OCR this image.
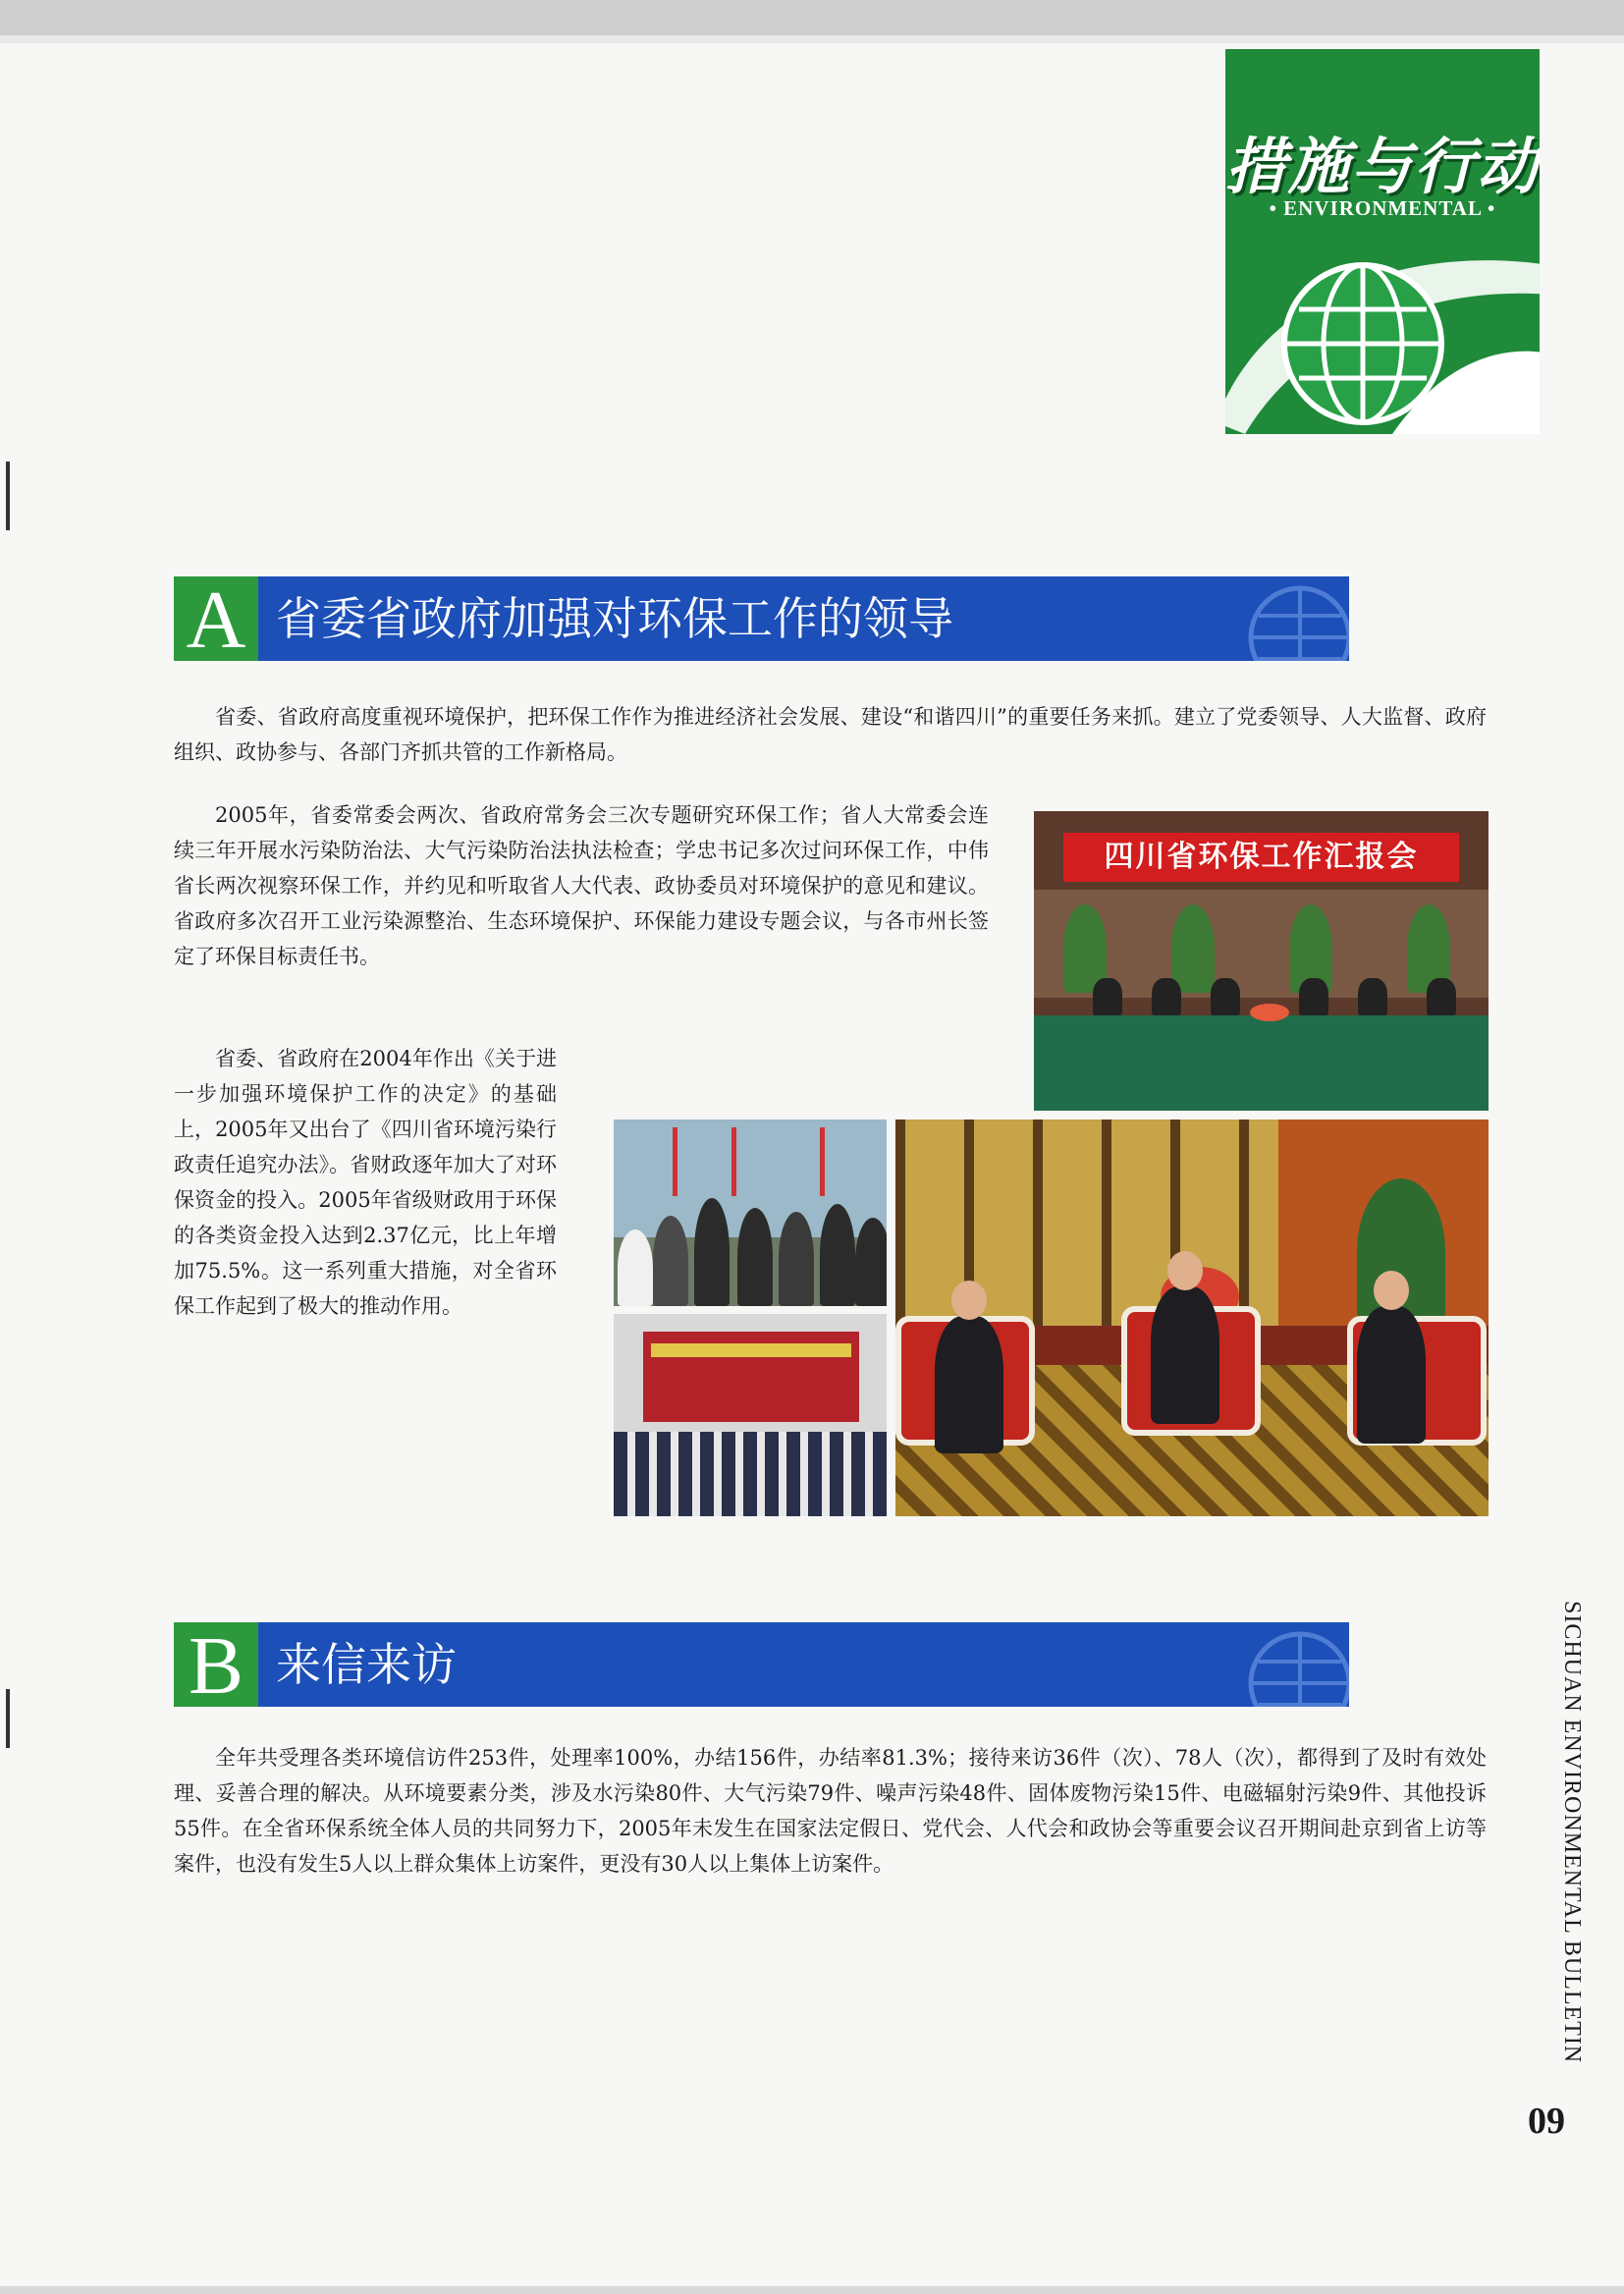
措施与行动
• ENVIRONMENTAL •
A 省委省政府加强对环保工作的领导

省委、省政府高度重视环境保护，把环保工作作为推进经济社会发展、建设“和谐四川”的重要任务来抓。建立了党委领导、人大监督、政府组织、政协参与、各部门齐抓共管的工作新格局。

2005年，省委常委会两次、省政府常务会三次专题研究环保工作；省人大常委会连续三年开展水污染防治法、大气污染防治法执法检查；学忠书记多次过问环保工作，中伟省长两次视察环保工作，并约见和听取省人大代表、政协委员对环境保护的意见和建议。省政府多次召开工业污染源整治、生态环境保护、环保能力建设专题会议，与各市州长签定了环保目标责任书。

省委、省政府在2004年作出《关于进一步加强环境保护工作的决定》的基础上，2005年又出台了《四川省环境污染行政责任追究办法》。省财政逐年加大了对环保资金的投入。2005年省级财政用于环保的各类资金投入达到2.37亿元，比上年增加75.5%。这一系列重大措施，对全省环保工作起到了极大的推动作用。

四川省环保工作汇报会
B 来信来访

全年共受理各类环境信访件253件，处理率100%，办结156件，办结率81.3%；接待来访36件（次）、78人（次），都得到了及时有效处理、妥善合理的解决。从环境要素分类，涉及水污染80件、大气污染79件、噪声污染48件、固体废物污染15件、电磁辐射污染9件、其他投诉55件。在全省环保系统全体人员的共同努力下，2005年未发生在国家法定假日、党代会、人代会和政协会等重要会议召开期间赴京到省上访等案件，也没有发生5人以上群众集体上访案件，更没有30人以上集体上访案件。	SICHUAN ENVIRONMENTAL BULLETIN
09
